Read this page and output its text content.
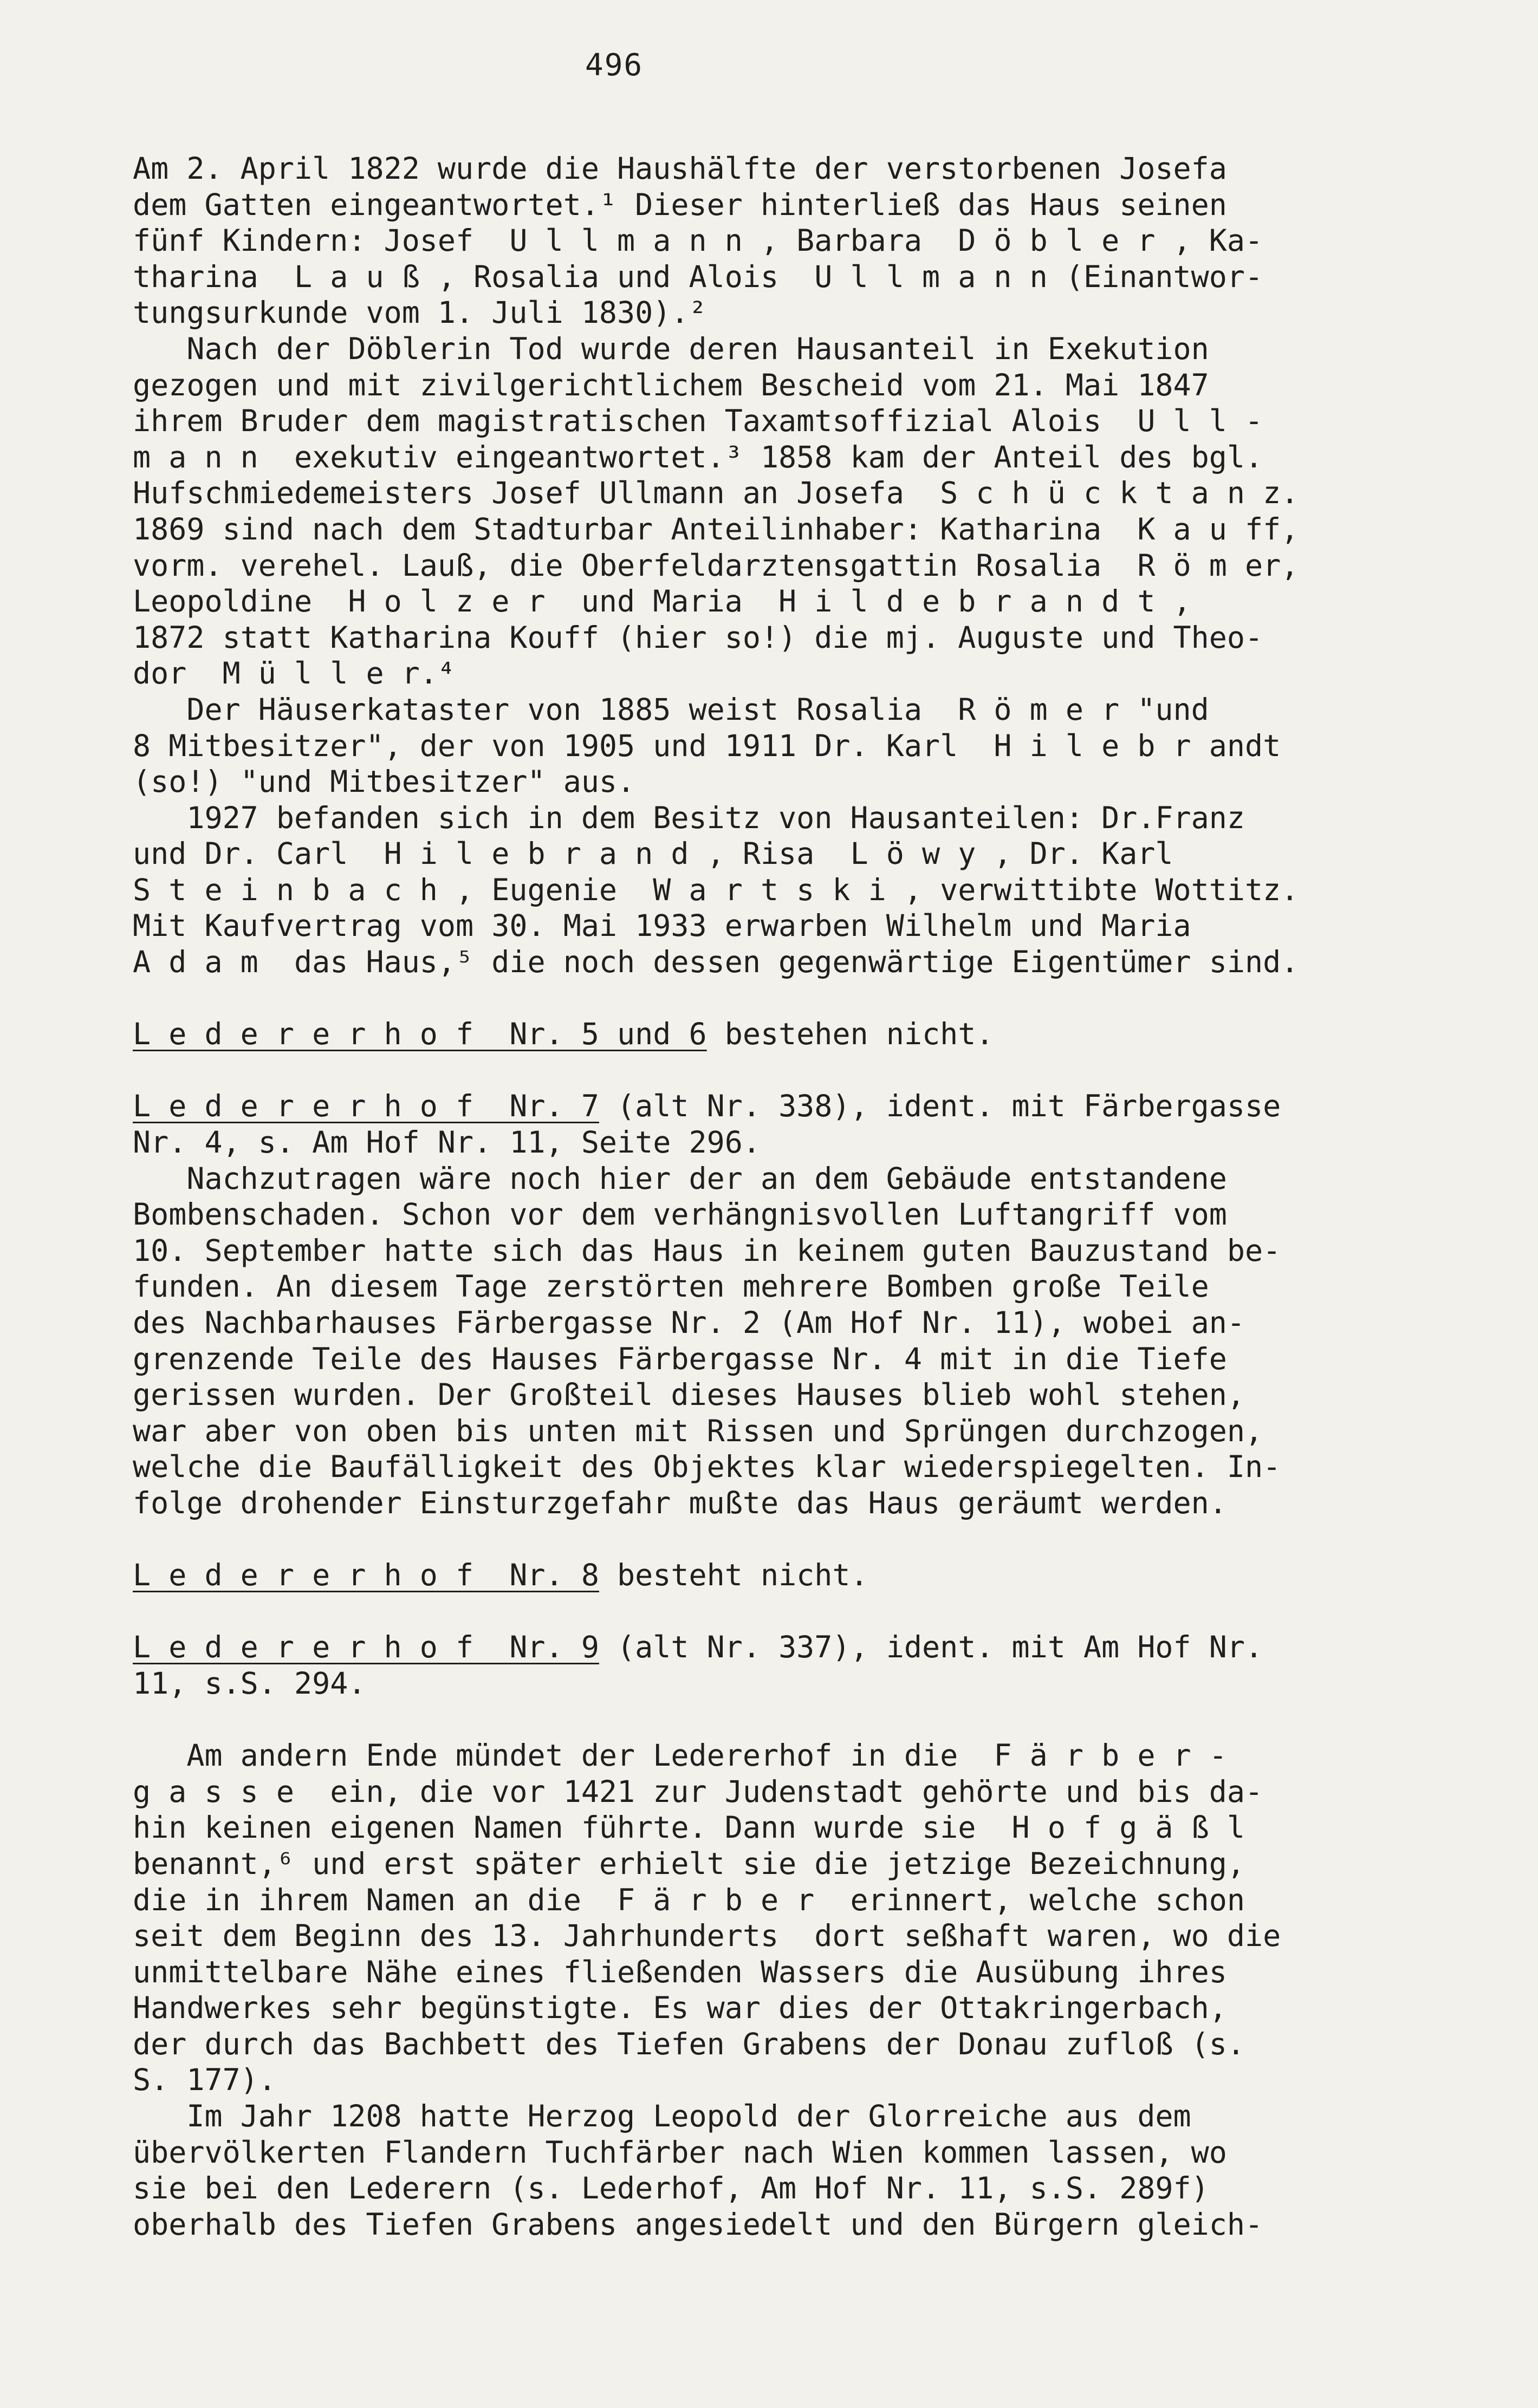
496
Am 2. April 1822 wurde die Haushälfte der verstorbenen Josefa
dem Gatten eingeantwortet.¹ Dieser hinterließ das Haus seinen
fünf Kindern: Josef  U l l m a n n , Barbara  D ö b l e r , Ka-
tharina  L a u ß , Rosalia und Alois  U l l m a n n (Einantwor-
tungsurkunde vom 1. Juli 1830).²
Nach der Döblerin Tod wurde deren Hausanteil in Exekution
gezogen und mit zivilgerichtlichem Bescheid vom 21. Mai 1847
ihrem Bruder dem magistratischen Taxamtsoffizial Alois  U l l -
m a n n  exekutiv eingeantwortet.³ 1858 kam der Anteil des bgl.
Hufschmiedemeisters Josef Ullmann an Josefa  S c h ü c k t a n z.
1869 sind nach dem Stadturbar Anteilinhaber: Katharina  K a u ff,
vorm. verehel. Lauß, die Oberfeldarztensgattin Rosalia  R ö m er,
Leopoldine  H o l z e r  und Maria  H i l d e b r a n d t ,
1872 statt Katharina Kouff (hier so!) die mj. Auguste und Theo-
dor  M ü l l e r.⁴
Der Häuserkataster von 1885 weist Rosalia  R ö m e r "und
8 Mitbesitzer", der von 1905 und 1911 Dr. Karl  H i l e b r andt
(so!) "und Mitbesitzer" aus.
1927 befanden sich in dem Besitz von Hausanteilen: Dr.Franz
und Dr. Carl  H i l e b r a n d , Risa  L ö w y , Dr. Karl
S t e i n b a c h , Eugenie  W a r t s k i , verwittibte Wottitz.
Mit Kaufvertrag vom 30. Mai 1933 erwarben Wilhelm und Maria
A d a m  das Haus,⁵ die noch dessen gegenwärtige Eigentümer sind.
L e d e r e r h o f  Nr. 5 und 6 bestehen nicht.
L e d e r e r h o f  Nr. 7 (alt Nr. 338), ident. mit Färbergasse
Nr. 4, s. Am Hof Nr. 11, Seite 296.
Nachzutragen wäre noch hier der an dem Gebäude entstandene
Bombenschaden. Schon vor dem verhängnisvollen Luftangriff vom
10. September hatte sich das Haus in keinem guten Bauzustand be-
funden. An diesem Tage zerstörten mehrere Bomben große Teile
des Nachbarhauses Färbergasse Nr. 2 (Am Hof Nr. 11), wobei an-
grenzende Teile des Hauses Färbergasse Nr. 4 mit in die Tiefe
gerissen wurden. Der Großteil dieses Hauses blieb wohl stehen,
war aber von oben bis unten mit Rissen und Sprüngen durchzogen,
welche die Baufälligkeit des Objektes klar wiederspiegelten. In-
folge drohender Einsturzgefahr mußte das Haus geräumt werden.
L e d e r e r h o f  Nr. 8 besteht nicht.
L e d e r e r h o f  Nr. 9 (alt Nr. 337), ident. mit Am Hof Nr.
11, s.S. 294.
Am andern Ende mündet der Ledererhof in die  F ä r b e r -
g a s s e  ein, die vor 1421 zur Judenstadt gehörte und bis da-
hin keinen eigenen Namen führte. Dann wurde sie  H o f g ä ß l
benannt,⁶ und erst später erhielt sie die jetzige Bezeichnung,
die in ihrem Namen an die  F ä r b e r  erinnert, welche schon
seit dem Beginn des 13. Jahrhunderts  dort seßhaft waren, wo die
unmittelbare Nähe eines fließenden Wassers die Ausübung ihres
Handwerkes sehr begünstigte. Es war dies der Ottakringerbach,
der durch das Bachbett des Tiefen Grabens der Donau zufloß (s.
S. 177).
Im Jahr 1208 hatte Herzog Leopold der Glorreiche aus dem
übervölkerten Flandern Tuchfärber nach Wien kommen lassen, wo
sie bei den Lederern (s. Lederhof, Am Hof Nr. 11, s.S. 289f)
oberhalb des Tiefen Grabens angesiedelt und den Bürgern gleich-
